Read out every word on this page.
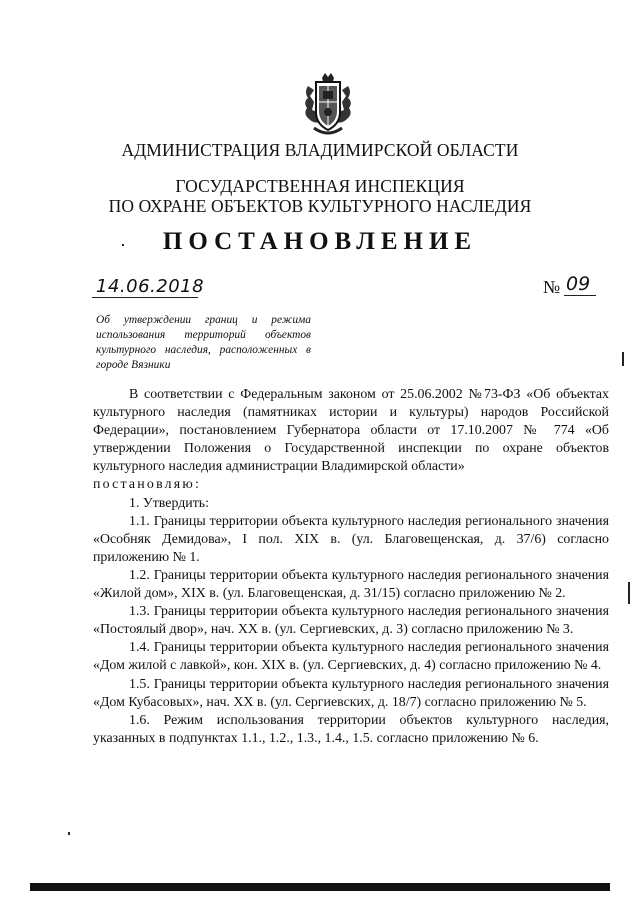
АДМИНИСТРАЦИЯ ВЛАДИМИРСКОЙ ОБЛАСТИ
ГОСУДАРСТВЕННАЯ ИНСПЕКЦИЯ
ПО ОХРАНЕ ОБЪЕКТОВ КУЛЬТУРНОГО НАСЛЕДИЯ
ПОСТАНОВЛЕНИЕ
14.06.2018	№ 09
Об утверждении границ и режима использования территорий объектов культурного наследия, расположенных в городе Вязники

В соответствии с Федеральным законом от 25.06.2002 №73-ФЗ «Об объектах культурного наследия (памятниках истории и культуры) народов Российской Федерации», постановлением Губернатора области от 17.10.2007 № 774 «Об утверждении Положения о Государственной инспекции по охране объектов культурного наследия администрации Владимирской области»

постановляю:

1. Утвердить:

1.1. Границы территории объекта культурного наследия регионального значения «Особняк Демидова», I пол. XIX в. (ул. Благовещенская, д. 37/6) согласно приложению № 1.

1.2. Границы территории объекта культурного наследия регионального значения «Жилой дом», XIX в. (ул. Благовещенская, д. 31/15) согласно приложению № 2.

1.3. Границы территории объекта культурного наследия регионального значения «Постоялый двор», нач. XX в. (ул. Сергиевских, д. 3) согласно приложению № 3.

1.4. Границы территории объекта культурного наследия регионального значения «Дом жилой с лавкой», кон. XIX в. (ул. Сергиевских, д. 4) согласно приложению № 4.

1.5. Границы территории объекта культурного наследия регионального значения «Дом Кубасовых», нач. XX в. (ул. Сергиевских, д. 18/7) согласно приложению № 5.

1.6. Режим использования территории объектов культурного наследия, указанных в подпунктах 1.1., 1.2., 1.3., 1.4., 1.5. согласно приложению № 6.
